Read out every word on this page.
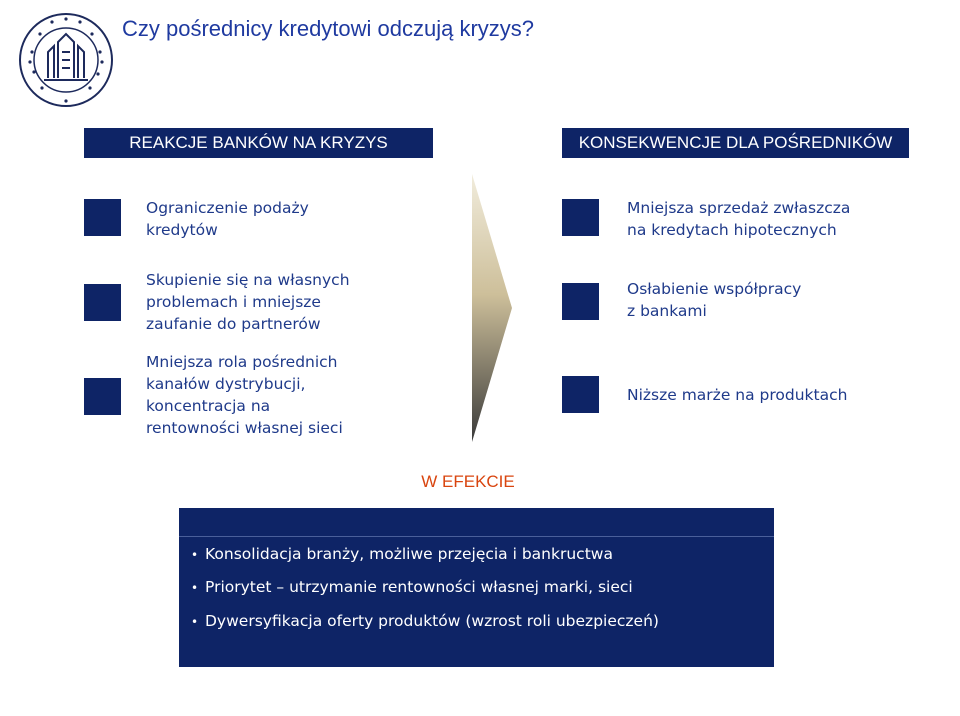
Czy pośrednicy kredytowi odczują kryzys?
REAKCJE BANKÓW NA KRYZYS	KONSEKWENCJE DLA POŚREDNIKÓW
Ograniczenie podaży
kredytów
Skupienie się na własnych
problemach i mniejsze
zaufanie do partnerów
Mniejsza rola pośrednich
kanałów dystrybucji,
koncentracja na
rentowności własnej sieci
Mniejsza sprzedaż zwłaszcza
na kredytach hipotecznych
Osłabienie współpracy
z bankami
Niższe marże na produktach
W EFEKCIE
• Konsolidacja branży, możliwe przejęcia i bankructwa
• Priorytet – utrzymanie rentowności własnej marki, sieci
• Dywersyfikacja oferty produktów (wzrost roli ubezpieczeń)
